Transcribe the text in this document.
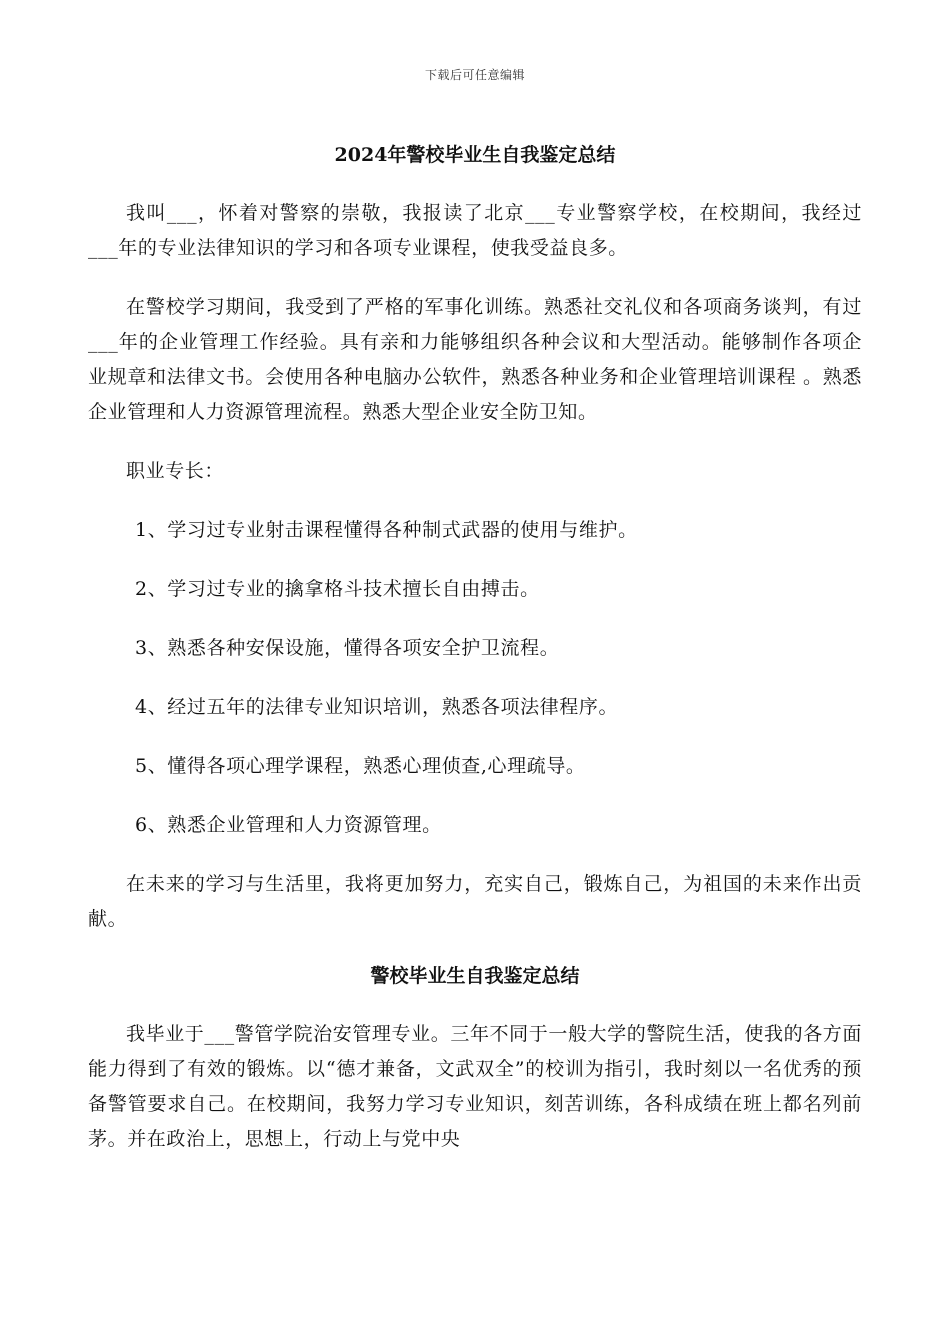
下载后可任意编辑
2024年警校毕业生自我鉴定总结

我叫___，怀着对警察的崇敬，我报读了北京___专业警察学校，在校期间，我经过___年的专业法律知识的学习和各项专业课程，使我受益良多。

在警校学习期间，我受到了严格的军事化训练。熟悉社交礼仪和各项商务谈判，有过___年的企业管理工作经验。具有亲和力能够组织各种会议和大型活动。能够制作各项企业规章和法律文书。会使用各种电脑办公软件，熟悉各种业务和企业管理培训课程 。熟悉企业管理和人力资源管理流程。熟悉大型企业安全防卫知。

职业专长：

1、学习过专业射击课程懂得各种制式武器的使用与维护。
2、学习过专业的擒拿格斗技术擅长自由搏击。
3、熟悉各种安保设施，懂得各项安全护卫流程。
4、经过五年的法律专业知识培训，熟悉各项法律程序。
5、懂得各项心理学课程，熟悉心理侦查,心理疏导。
6、熟悉企业管理和人力资源管理。

在未来的学习与生活里，我将更加努力，充实自己，锻炼自己，为祖国的未来作出贡献。

警校毕业生自我鉴定总结

我毕业于___警管学院治安管理专业。三年不同于一般大学的警院生活，使我的各方面能力得到了有效的锻炼。以“德才兼备，文武双全”的校训为指引，我时刻以一名优秀的预备警管要求自己。在校期间，我努力学习专业知识，刻苦训练，各科成绩在班上都名列前茅。并在政治上，思想上，行动上与党中央
